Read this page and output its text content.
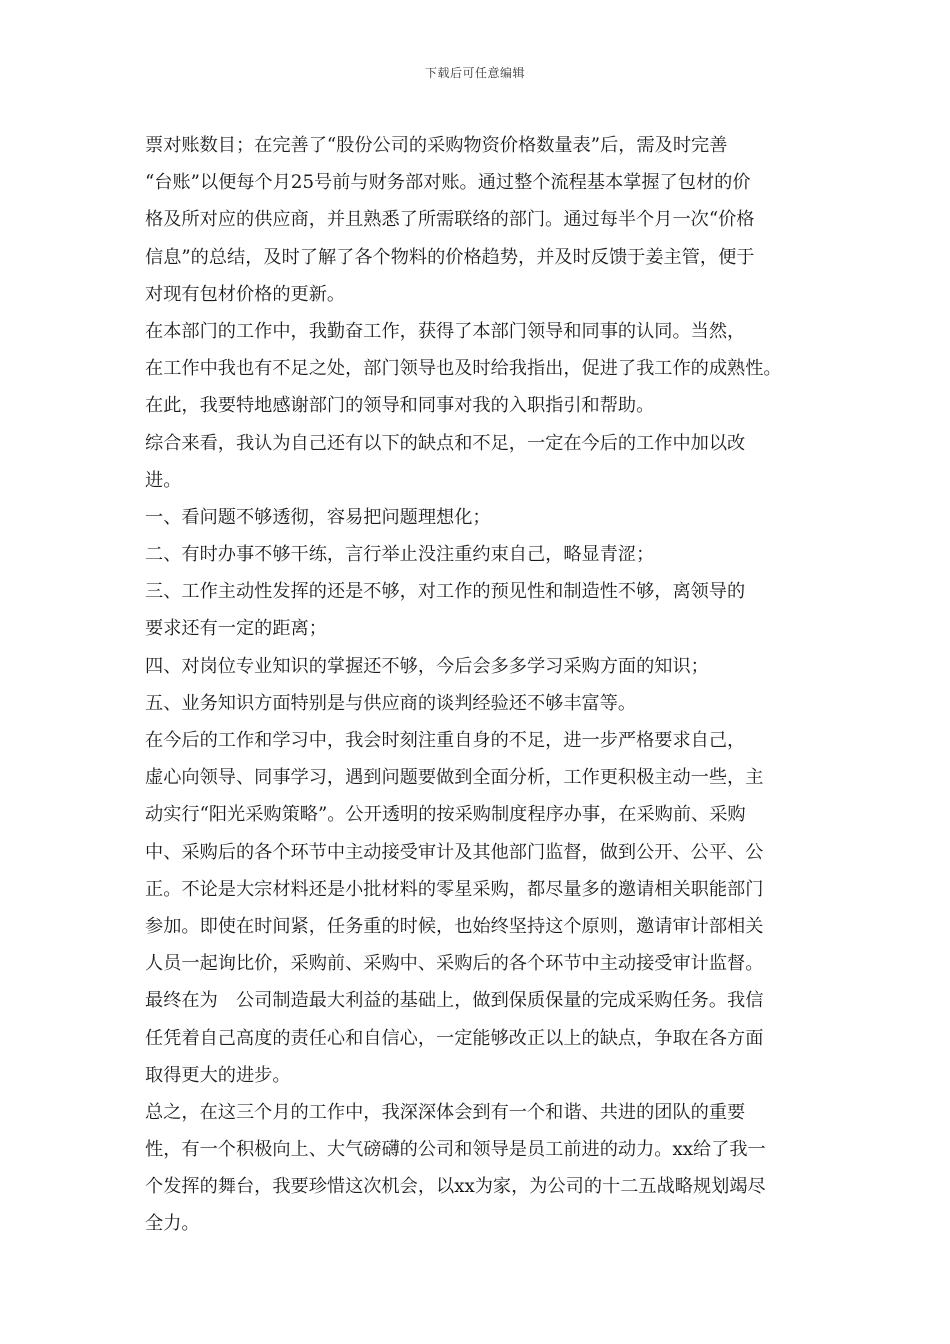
下载后可任意编辑
票对账数目；在完善了“股份公司的采购物资价格数量表”后，需及时完善
“台账”以便每个月25号前与财务部对账。通过整个流程基本掌握了包材的价
格及所对应的供应商，并且熟悉了所需联络的部门。通过每半个月一次“价格
信息”的总结，及时了解了各个物料的价格趋势，并及时反馈于姜主管，便于
对现有包材价格的更新。
在本部门的工作中，我勤奋工作，获得了本部门领导和同事的认同。当然，
在工作中我也有不足之处，部门领导也及时给我指出，促进了我工作的成熟性。
在此，我要特地感谢部门的领导和同事对我的入职指引和帮助。
综合来看，我认为自己还有以下的缺点和不足，一定在今后的工作中加以改
进。
一、看问题不够透彻，容易把问题理想化；
二、有时办事不够干练，言行举止没注重约束自己，略显青涩；
三、工作主动性发挥的还是不够，对工作的预见性和制造性不够，离领导的
要求还有一定的距离；
四、对岗位专业知识的掌握还不够，今后会多多学习采购方面的知识；
五、业务知识方面特别是与供应商的谈判经验还不够丰富等。
在今后的工作和学习中，我会时刻注重自身的不足，进一步严格要求自己，
虚心向领导、同事学习，遇到问题要做到全面分析，工作更积极主动一些，主
动实行“阳光采购策略”。公开透明的按采购制度程序办事，在采购前、采购
中、采购后的各个环节中主动接受审计及其他部门监督，做到公开、公平、公
正。不论是大宗材料还是小批材料的零星采购，都尽量多的邀请相关职能部门
参加。即使在时间紧，任务重的时候，也始终坚持这个原则，邀请审计部相关
人员一起询比价，采购前、采购中、采购后的各个环节中主动接受审计监督。
最终在为　公司制造最大利益的基础上，做到保质保量的完成采购任务。我信
任凭着自己高度的责任心和自信心，一定能够改正以上的缺点，争取在各方面
取得更大的进步。
总之，在这三个月的工作中，我深深体会到有一个和谐、共进的团队的重要
性，有一个积极向上、大气磅礴的公司和领导是员工前进的动力。xx给了我一
个发挥的舞台，我要珍惜这次机会，以xx为家，为公司的十二五战略规划竭尽
全力。
